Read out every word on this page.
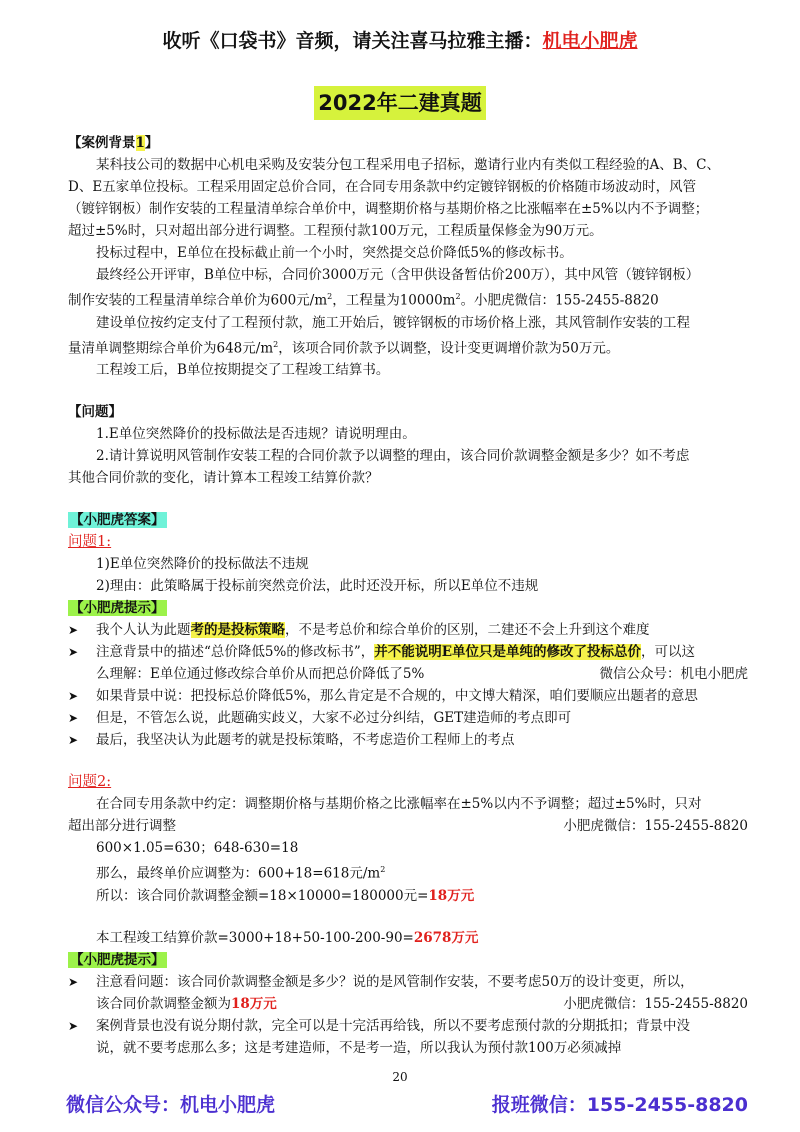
收听《口袋书》音频，请关注喜马拉雅主播：机电小肥虎
2022年二建真题
【案例背景1】
某科技公司的数据中心机电采购及安装分包工程采用电子招标，邀请行业内有类似工程经验的A、B、C、
D、E五家单位投标。工程采用固定总价合同，在合同专用条款中约定镀锌钢板的价格随市场波动时，风管
（镀锌钢板）制作安装的工程量清单综合单价中，调整期价格与基期价格之比涨幅率在±5%以内不予调整；
超过±5%时，只对超出部分进行调整。工程预付款100万元，工程质量保修金为90万元。
投标过程中，E单位在投标截止前一个小时，突然提交总价降低5%的修改标书。
最终经公开评审，B单位中标，合同价3000万元（含甲供设备暂估价200万），其中风管（镀锌钢板）
制作安装的工程量清单综合单价为600元$/m^2$，工程量为$10000m^2$。小肥虎微信：155-2455-8820
建设单位按约定支付了工程预付款，施工开始后，镀锌钢板的市场价格上涨，其风管制作安装的工程
量清单调整期综合单价为648元$/m^2$，该项合同价款予以调整，设计变更调增价款为50万元。
工程竣工后，B单位按期提交了工程竣工结算书。
【问题】
1.E单位突然降价的投标做法是否违规？请说明理由。
2.请计算说明风管制作安装工程的合同价款予以调整的理由，该合同价款调整金额是多少？如不考虑
其他合同价款的变化，请计算本工程竣工结算价款？
【小肥虎答案】
问题1:
1)E单位突然降价的投标做法不违规
2)理由：此策略属于投标前突然竞价法，此时还没开标，所以E单位不违规
【小肥虎提示】
➤ 我个人认为此题考的是投标策略，不是考总价和综合单价的区别，二建还不会上升到这个难度
➤ 注意背景中的描述“总价降低5%的修改标书”，并不能说明E单位只是单纯的修改了投标总价，可以这
么理解：E单位通过修改综合单价从而把总价降低了5%	微信公众号：机电小肥虎
➤ 如果背景中说：把投标总价降低5%，那么肯定是不合规的，中文博大精深，咱们要顺应出题者的意思
➤ 但是，不管怎么说，此题确实歧义，大家不必过分纠结，GET建造师的考点即可
➤ 最后，我坚决认为此题考的就是投标策略，不考虑造价工程师上的考点
问题2:
在合同专用条款中约定：调整期价格与基期价格之比涨幅率在±5%以内不予调整；超过±5%时，只对
超出部分进行调整	小肥虎微信：155-2455-8820
600×1.05=630；648-630=18
那么，最终单价应调整为：600+18=618元$/m^2$
所以：该合同价款调整金额=18×10000=180000元=18万元
本工程竣工结算价款=3000+18+50-100-200-90=2678万元
【小肥虎提示】
➤ 注意看问题：该合同价款调整金额是多少？说的是风管制作安装，不要考虑50万的设计变更，所以，
该合同价款调整金额为18万元	小肥虎微信：155-2455-8820
➤ 案例背景也没有说分期付款，完全可以是十完活再给钱，所以不要考虑预付款的分期抵扣；背景中没
说，就不要考虑那么多；这是考建造师，不是考一造，所以我认为预付款100万必须减掉
20
微信公众号：机电小肥虎	报班微信：155-2455-8820
